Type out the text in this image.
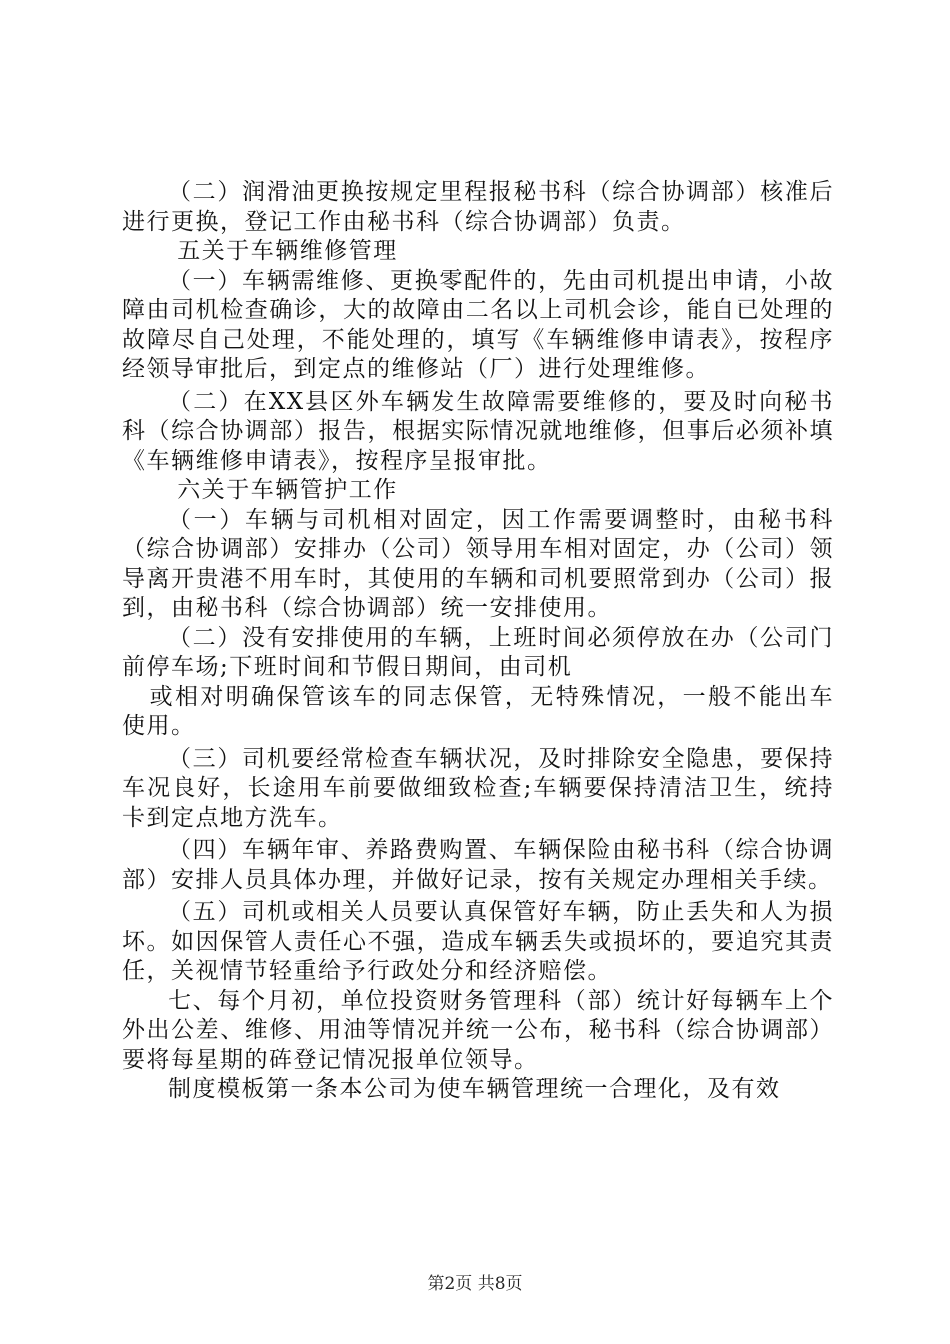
（二）润滑油更换按规定里程报秘书科（综合协调部）核准后进行更换，登记工作由秘书科（综合协调部）负责。

五关于车辆维修管理

（一）车辆需维修、更换零配件的，先由司机提出申请，小故障由司机检查确诊，大的故障由二名以上司机会诊，能自已处理的故障尽自己处理，不能处理的，填写《车辆维修申请表》，按程序经领导审批后，到定点的维修站（厂）进行处理维修。

（二）在XX县区外车辆发生故障需要维修的，要及时向秘书科（综合协调部）报告，根据实际情况就地维修，但事后必须补填《车辆维修申请表》，按程序呈报审批。

六关于车辆管护工作

（一）车辆与司机相对固定，因工作需要调整时，由秘书科（综合协调部）安排办（公司）领导用车相对固定，办（公司）领导离开贵港不用车时，其使用的车辆和司机要照常到办（公司）报到，由秘书科（综合协调部）统一安排使用。

（二）没有安排使用的车辆，上班时间必须停放在办（公司门前停车场;下班时间和节假日期间，由司机

或相对明确保管该车的同志保管，无特殊情况，一般不能出车使用。

（三）司机要经常检查车辆状况，及时排除安全隐患，要保持车况良好，长途用车前要做细致检查;车辆要保持清洁卫生，统持卡到定点地方洗车。

（四）车辆年审、养路费购置、车辆保险由秘书科（综合协调部）安排人员具体办理，并做好记录，按有关规定办理相关手续。

（五）司机或相关人员要认真保管好车辆，防止丢失和人为损坏。如因保管人责任心不强，造成车辆丢失或损坏的，要追究其责任，关视情节轻重给予行政处分和经济赔偿。

七、每个月初，单位投资财务管理科（部）统计好每辆车上个外出公差、维修、用油等情况并统一公布，秘书科（综合协调部）要将每星期的砗登记情况报单位领导。

制度模板第一条本公司为使车辆管理统一合理化，及有效

第2页 共8页
